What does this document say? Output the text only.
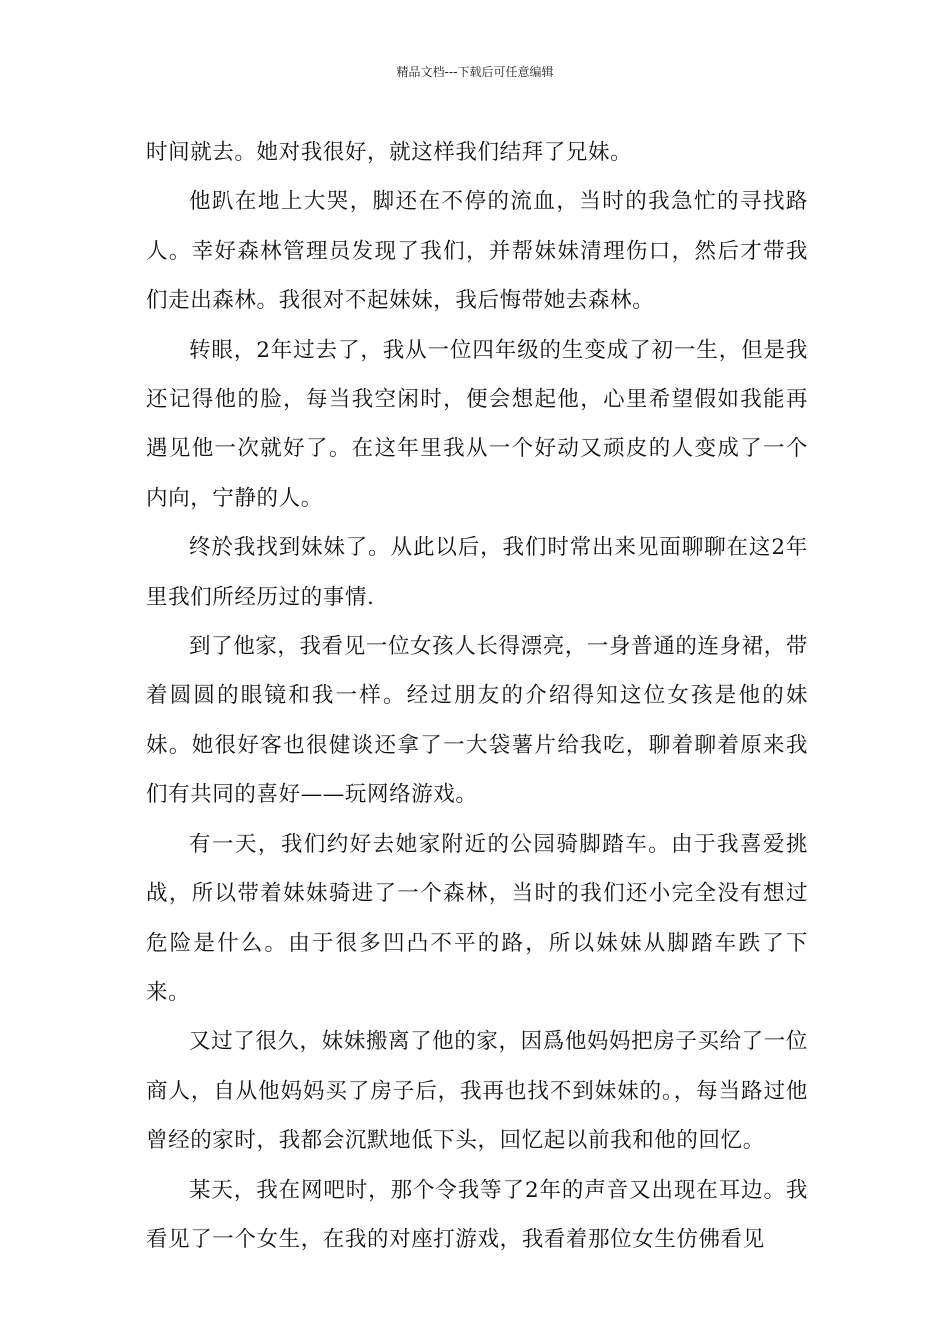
精品文档---下载后可任意编辑

时间就去。她对我很好，就这样我们结拜了兄妹。

他趴在地上大哭，脚还在不停的流血，当时的我急忙的寻找路人。幸好森林管理员发现了我们，并帮妹妹清理伤口，然后才带我们走出森林。我很对不起妹妹，我后悔带她去森林。

转眼，2年过去了，我从一位四年级的生变成了初一生，但是我还记得他的脸，每当我空闲时，便会想起他，心里希望假如我能再遇见他一次就好了。在这年里我从一个好动又顽皮的人变成了一个内向，宁静的人。

终於我找到妹妹了。从此以后，我们时常出来见面聊聊在这2年里我们所经历过的事情.

到了他家，我看见一位女孩人长得漂亮，一身普通的连身裙，带着圆圆的眼镜和我一样。经过朋友的介绍得知这位女孩是他的妹妹。她很好客也很健谈还拿了一大袋薯片给我吃，聊着聊着原来我们有共同的喜好——玩网络游戏。

有一天，我们约好去她家附近的公园骑脚踏车。由于我喜爱挑战，所以带着妹妹骑进了一个森林，当时的我们还小完全没有想过危险是什么。由于很多凹凸不平的路，所以妹妹从脚踏车跌了下来。

又过了很久，妹妹搬离了他的家，因爲他妈妈把房子买给了一位商人，自从他妈妈买了房子后，我再也找不到妹妹的。，每当路过他曾经的家时，我都会沉默地低下头，回忆起以前我和他的回忆。

某天，我在网吧时，那个令我等了2年的声音又出现在耳边。我看见了一个女生，在我的对座打游戏，我看着那位女生仿佛看见
